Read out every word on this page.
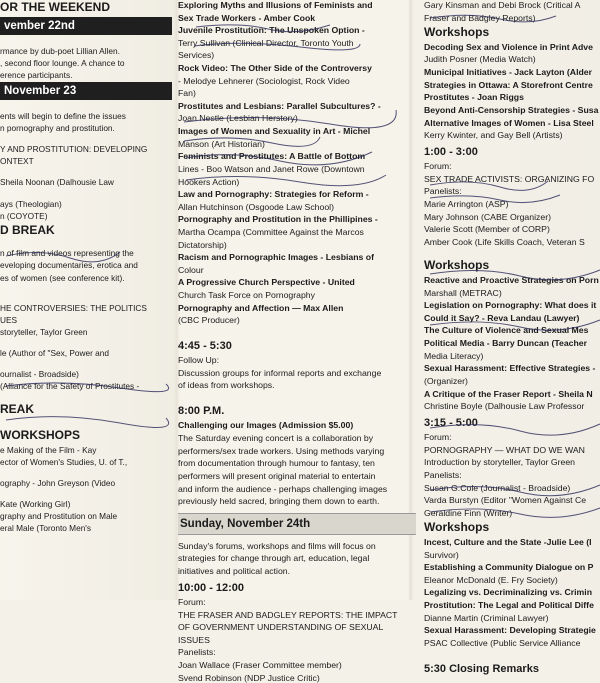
OR THE WEEKEND
vember 22nd
rmance by dub-poet Lillian Allen.
, second floor lounge. A chance to
erence participants.
November 23
ents will begin to define the issues
n pornography and prostitution.
Y AND PROSTITUTION: DEVELOPING
ONTEXT
Sheila Noonan (Dalhousie Law
ays (Theologian)
n (COYOTE)
D BREAK
n of film and videos representing the
eveloping documentaries, erotica and
es of women (see conference kit).
HE CONTROVERSIES: THE POLITICS
UES
storyteller, Taylor Green
le (Author of "Sex, Power and
ournalist - Broadside)
(Alliance for the Safety of Prostitutes -
REAK
WORKSHOPS
e Making of the Film - Kay
ector of Women's Studies, U. of T.,
ography - John Greyson (Video
Kate (Working Girl)
graphy and Prostitution on Male
eral Male (Toronto Men's
Exploring Myths and Illusions of Feminists and
Sex Trade Workers - Amber Cook
Juvenile Prostitution: The Unspoken Option -
Terry Sullivan (Clinical Director, Toronto Youth
Services)
Rock Video: The Other Side of the Controversy
- Melodye Lehnerer (Sociologist, Rock Video
Fan)
Prostitutes and Lesbians: Parallel Subcultures? -
Joan Nestle (Lesbian Herstory)
Images of Women and Sexuality in Art - Michel
Manson (Art Historian)
Feminists and Prostitutes: A Battle of Bottom
Lines - Boo Watson and Janet Rowe (Downtown
Hookers Action)
Law and Pornography: Strategies for Reform -
Allan Hutchinson (Osgoode Law School)
Pornography and Prostitution in the Phillipines -
Martha Ocampa (Committee Against the Marcos
Dictatorship)
Racism and Pornographic Images - Lesbians of
Colour
A Progressive Church Perspective - United
Church Task Force on Pornography
Pornography and Affection — Max Allen
(CBC Producer)
4:45 - 5:30
Follow Up:
Discussion groups for informal reports and exchange
of ideas from workshops.
8:00 P.M.
Challenging our Images (Admission $5.00)
The Saturday evening concert is a collaboration by
performers/sex trade workers. Using methods varying
from documentation through humour to fantasy, ten
performers will present original material to entertain
and inform the audience - perhaps challenging images
previously held sacred, bringing them down to earth.
Sunday, November 24th
Sunday's forums, workshops and films will focus on
strategies for change through art, education, legal
initiatives and political action.
10:00 - 12:00
Forum:
THE FRASER AND BADGLEY REPORTS: THE IMPACT
OF GOVERNMENT UNDERSTANDING OF SEXUAL
ISSUES
Panelists:
Joan Wallace (Fraser Committee member)
Svend Robinson (NDP Justice Critic)
Gary Kinsman and Debi Brock (Critical A
Fraser and Badgley Reports)
Workshops
Decoding Sex and Violence in Print Adve
Judith Posner (Media Watch)
Municipal Initiatives - Jack Layton (Alder
Strategies in Ottawa: A Storefront Centre
Prostitutes - Joan Riggs
Beyond Anti-Censorship Strategies - Susa
Alternative Images of Women - Lisa Steel
Kerry Kwinter, and Gay Bell (Artists)
1:00 - 3:00
Forum:
SEX TRADE ACTIVISTS: ORGANIZING FO
Panelists:
Marie Arrington (ASP)
Mary Johnson (CABE Organizer)
Valerie Scott (Member of CORP)
Amber Cook (Life Skills Coach, Veteran S
Workshops
Reactive and Proactive Strategies on Porn
Marshall (METRAC)
Legislation on Pornography: What does it
Could it Say? - Reva Landau (Lawyer)
The Culture of Violence and Sexual Mes
Political Media - Barry Duncan (Teacher
Media Literacy)
Sexual Harassment: Effective Strategies -
(Organizer)
A Critique of the Fraser Report - Sheila N
Christine Boyle (Dalhousie Law Professor
3:15 - 5:00
Forum:
PORNOGRAPHY — WHAT DO WE WAN
Introduction by storyteller, Taylor Green
Panelists:
Susan G.Cole (Journalist - Broadside)
Varda Burstyn (Editor "Women Against Ce
Geraldine Finn (Writer)
Workshops
Incest, Culture and the State -Julie Lee (I
Survivor)
Establishing a Community Dialogue on P
Eleanor McDonald (E. Fry Society)
Legalizing vs. Decriminalizing vs. Crimin
Prostitution: The Legal and Political Diffe
Dianne Martin (Criminal Lawyer)
Sexual Harassment: Developing Strategie
PSAC Collective (Public Service Alliance
5:30 Closing Remarks
